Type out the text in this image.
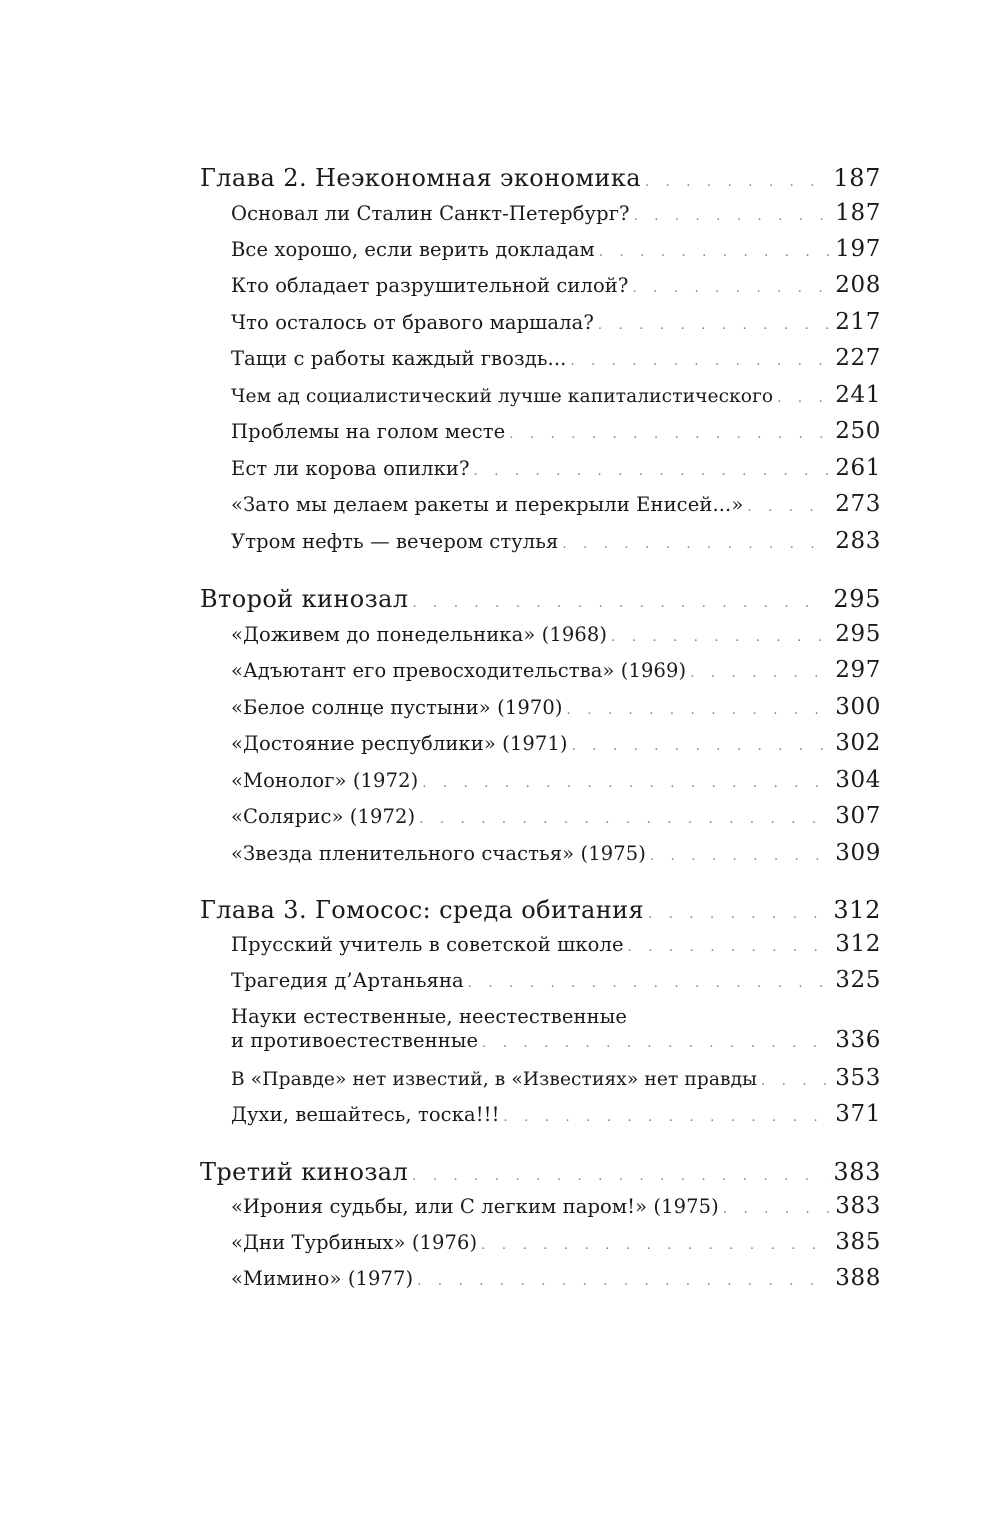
Глава 2. Неэкономная экономика . . .	187
Основал ли Сталин Санкт-Петербург? . . .	187
Все хорошо, если верить докладам . . .	197
Кто обладает разрушительной силой? . . .	208
Что осталось от бравого маршала? . . .	217
Тащи с работы каждый гвоздь... . . .	227
Чем ад социалистический лучше капиталистического . . .	241
Проблемы на голом месте . . .	250
Ест ли корова опилки? . . .	261
«Зато мы делаем ракеты и перекрыли Енисей...» . . .	273
Утром нефть — вечером стулья . . .	283
Второй кинозал . . .	295
«Доживем до понедельника» (1968) . . .	295
«Адъютант его превосходительства» (1969) . . .	297
«Белое солнце пустыни» (1970) . . .	300
«Достояние республики» (1971) . . .	302
«Монолог» (1972) . . .	304
«Солярис» (1972) . . .	307
«Звезда пленительного счастья» (1975) . . .	309
Глава 3. Гомосос: среда обитания . . .	312
Прусский учитель в советской школе . . .	312
Трагедия д’Артаньяна . . .	325
Науки естественные, неестественные
и противоестественные . . .	336
В «Правде» нет известий, в «Известиях» нет правды . . .	353
Духи, вешайтесь, тоска!!! . . .	371
Третий кинозал . . .	383
«Ирония судьбы, или С легким паром!» (1975) . . .	383
«Дни Турбиных» (1976) . . .	385
«Мимино» (1977) . . .	388
